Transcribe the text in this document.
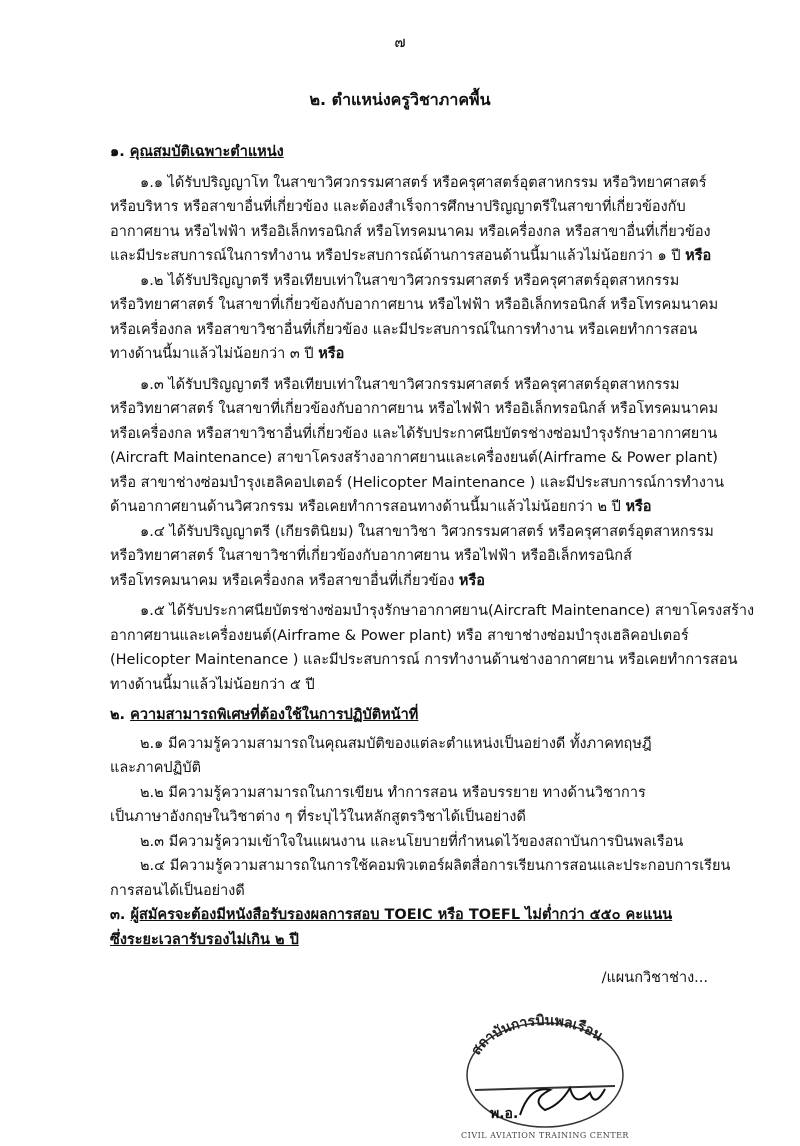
๗
๒. ตำแหน่งครูวิชาภาคพื้น
๑. คุณสมบัติเฉพาะตำแหน่ง
๑.๑ ได้รับปริญญาโท ในสาขาวิศวกรรมศาสตร์ หรือครุศาสตร์อุตสาหกรรม หรือวิทยาศาสตร์
หรือบริหาร หรือสาขาอื่นที่เกี่ยวข้อง และต้องสำเร็จการศึกษาปริญญาตรีในสาขาที่เกี่ยวข้องกับ
อากาศยาน หรือไฟฟ้า หรืออิเล็กทรอนิกส์ หรือโทรคมนาคม หรือเครื่องกล หรือสาขาอื่นที่เกี่ยวข้อง
และมีประสบการณ์ในการทำงาน หรือประสบการณ์ด้านการสอนด้านนี้มาแล้วไม่น้อยกว่า ๑ ปี หรือ
๑.๒ ได้รับปริญญาตรี หรือเทียบเท่าในสาขาวิศวกรรมศาสตร์ หรือครุศาสตร์อุตสาหกรรม
หรือวิทยาศาสตร์ ในสาขาที่เกี่ยวข้องกับอากาศยาน หรือไฟฟ้า หรืออิเล็กทรอนิกส์ หรือโทรคมนาคม
หรือเครื่องกล หรือสาขาวิชาอื่นที่เกี่ยวข้อง และมีประสบการณ์ในการทำงาน หรือเคยทำการสอน
ทางด้านนี้มาแล้วไม่น้อยกว่า ๓ ปี หรือ
๑.๓ ได้รับปริญญาตรี หรือเทียบเท่าในสาขาวิศวกรรมศาสตร์ หรือครุศาสตร์อุตสาหกรรม
หรือวิทยาศาสตร์ ในสาขาที่เกี่ยวข้องกับอากาศยาน หรือไฟฟ้า หรืออิเล็กทรอนิกส์ หรือโทรคมนาคม
หรือเครื่องกล หรือสาขาวิชาอื่นที่เกี่ยวข้อง และได้รับประกาศนียบัตรช่างซ่อมบำรุงรักษาอากาศยาน
(Aircraft Maintenance) สาขาโครงสร้างอากาศยานและเครื่องยนต์(Airframe & Power plant)
หรือ สาขาช่างซ่อมบำรุงเฮลิคอปเตอร์ (Helicopter Maintenance ) และมีประสบการณ์การทำงาน
ด้านอากาศยานด้านวิศวกรรม หรือเคยทำการสอนทางด้านนี้มาแล้วไม่น้อยกว่า ๒ ปี หรือ
๑.๔ ได้รับปริญญาตรี (เกียรตินิยม) ในสาขาวิชา วิศวกรรมศาสตร์ หรือครุศาสตร์อุตสาหกรรม
หรือวิทยาศาสตร์ ในสาขาวิชาที่เกี่ยวข้องกับอากาศยาน หรือไฟฟ้า หรืออิเล็กทรอนิกส์
หรือโทรคมนาคม หรือเครื่องกล หรือสาขาอื่นที่เกี่ยวข้อง หรือ
๑.๕ ได้รับประกาศนียบัตรช่างซ่อมบำรุงรักษาอากาศยาน(Aircraft Maintenance) สาขาโครงสร้าง
อากาศยานและเครื่องยนต์(Airframe & Power plant) หรือ สาขาช่างซ่อมบำรุงเฮลิคอปเตอร์
(Helicopter Maintenance ) และมีประสบการณ์ การทำงานด้านช่างอากาศยาน หรือเคยทำการสอน
ทางด้านนี้มาแล้วไม่น้อยกว่า ๕ ปี
๒. ความสามารถพิเศษที่ต้องใช้ในการปฏิบัติหน้าที่
๒.๑ มีความรู้ความสามารถในคุณสมบัติของแต่ละตำแหน่งเป็นอย่างดี ทั้งภาคทฤษฎี
และภาคปฏิบัติ
๒.๒ มีความรู้ความสามารถในการเขียน ทำการสอน หรือบรรยาย ทางด้านวิชาการ
เป็นภาษาอังกฤษในวิชาต่าง ๆ ที่ระบุไว้ในหลักสูตรวิชาได้เป็นอย่างดี
๒.๓ มีความรู้ความเข้าใจในแผนงาน และนโยบายที่กำหนดไว้ของสถาบันการบินพลเรือน
๒.๔ มีความรู้ความสามารถในการใช้คอมพิวเตอร์ผลิตสื่อการเรียนการสอนและประกอบการเรียน
การสอนได้เป็นอย่างดี
๓. ผู้สมัครจะต้องมีหนังสือรับรองผลการสอบ TOEIC หรือ TOEFL ไม่ต่ำกว่า ๕๕๐ คะแนน
ซึ่งระยะเวลารับรองไม่เกิน ๒ ปี
/แผนกวิชาช่าง...
สถาบันการบินพลเรือน
พ.อ.
CIVIL AVIATION TRAINING CENTER
